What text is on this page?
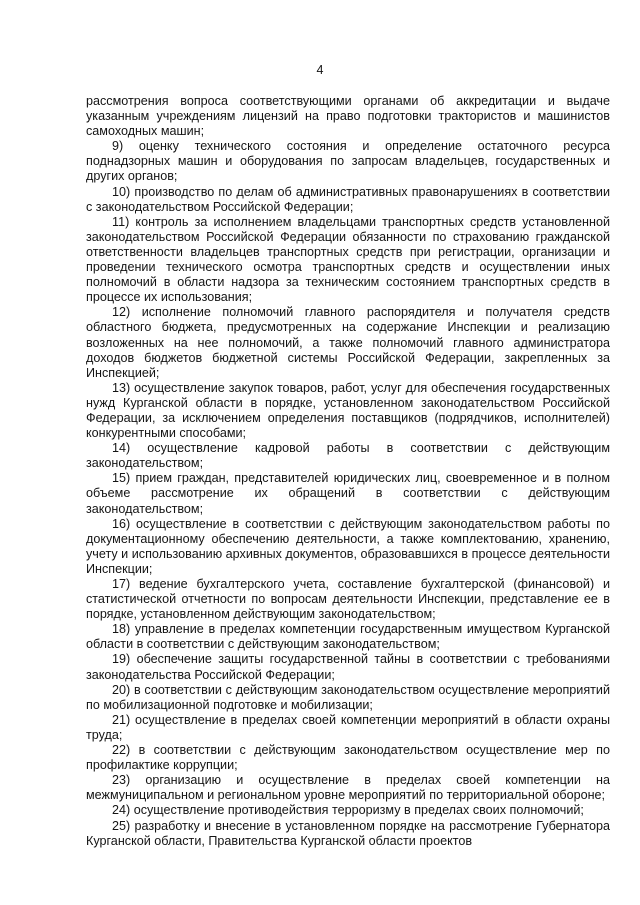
4

рассмотрения вопроса соответствующими органами об аккредитации и выдаче указанным учреждениям лицензий на право подготовки трактористов и машинистов самоходных машин;

9) оценку технического состояния и определение остаточного ресурса поднадзорных машин и оборудования по запросам владельцев, государственных и других органов;

10) производство по делам об административных правонарушениях в соответствии с законодательством Российской Федерации;

11) контроль за исполнением владельцами транспортных средств установленной законодательством Российской Федерации обязанности по страхованию гражданской ответственности владельцев транспортных средств при регистрации, организации и проведении технического осмотра транспортных средств и осуществлении иных полномочий в области надзора за техническим состоянием транспортных средств в процессе их использования;

12) исполнение полномочий главного распорядителя и получателя средств областного бюджета, предусмотренных на содержание Инспекции и реализацию возложенных на нее полномочий, а также полномочий главного администратора доходов бюджетов бюджетной системы Российской Федерации, закрепленных за Инспекцией;

13) осуществление закупок товаров, работ, услуг для обеспечения государственных нужд Курганской области в порядке, установленном законодательством Российской Федерации, за исключением определения поставщиков (подрядчиков, исполнителей) конкурентными способами;

14) осуществление кадровой работы в соответствии с действующим законодательством;

15) прием граждан, представителей юридических лиц, своевременное и в полном объеме рассмотрение их обращений в соответствии с действующим законодательством;

16) осуществление в соответствии с действующим законодательством работы по документационному обеспечению деятельности, а также комплектованию, хранению, учету и использованию архивных документов, образовавшихся в процессе деятельности Инспекции;

17) ведение бухгалтерского учета, составление бухгалтерской (финансовой) и статистической отчетности по вопросам деятельности Инспекции, представление ее в порядке, установленном действующим законодательством;

18) управление в пределах компетенции государственным имуществом Курганской области в соответствии с действующим законодательством;

19) обеспечение защиты государственной тайны в соответствии с требованиями законодательства Российской Федерации;

20) в соответствии с действующим законодательством осуществление мероприятий по мобилизационной подготовке и мобилизации;

21) осуществление в пределах своей компетенции мероприятий в области охраны труда;

22) в соответствии с действующим законодательством осуществление мер по профилактике коррупции;

23) организацию и осуществление в пределах своей компетенции на межмуниципальном и региональном уровне мероприятий по территориальной обороне;

24) осуществление противодействия терроризму в пределах своих полномочий;

25) разработку и внесение в установленном порядке на рассмотрение Губернатора Курганской области, Правительства Курганской области проектов
